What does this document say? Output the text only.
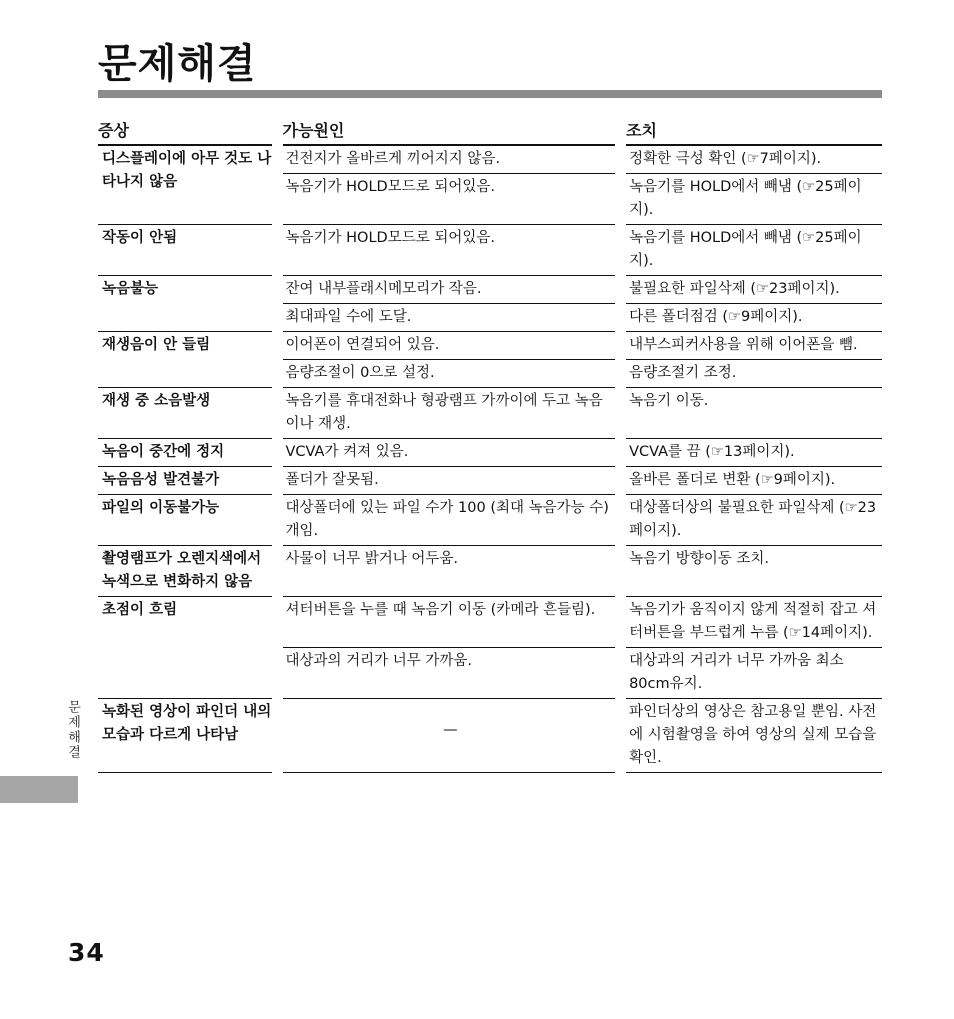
문제해결
증상		가능원인		조치
디스플레이에 아무 것도 나타나지 않음		건전지가 올바르게 끼어지지 않음.		정확한 극성 확인 (☞7페이지).
		녹음기가 HOLD모드로 되어있음.		녹음기를 HOLD에서 빼냄 (☞25페이지).
작동이 안됨		녹음기가 HOLD모드로 되어있음.		녹음기를 HOLD에서 빼냄 (☞25페이지).
녹음불능		잔여 내부플래시메모리가 작음.		불필요한 파일삭제 (☞23페이지).
		최대파일 수에 도달.		다른 폴더점검 (☞9페이지).
재생음이 안 들림		이어폰이 연결되어 있음.		내부스피커사용을 위해 이어폰을 뺌.
		음량조절이 0으로 설정.		음량조절기 조정.
재생 중 소음발생		녹음기를 휴대전화나 형광램프 가까이에 두고 녹음이나 재생.		녹음기 이동.
녹음이 중간에 정지		VCVA가 켜져 있음.		VCVA를 끔 (☞13페이지).
녹음음성 발견불가		폴더가 잘못됨.		올바른 폴더로 변환 (☞9페이지).
파일의 이동불가능		대상폴더에 있는 파일 수가 100 (최대 녹음가능 수) 개임.		대상폴더상의 불필요한 파일삭제 (☞23페이지).
촬영램프가 오렌지색에서 녹색으로 변화하지 않음		사물이 너무 밝거나 어두움.		녹음기 방향이동 조치.
초점이 흐림		셔터버튼을 누를 때 녹음기 이동 (카메라 흔들림).		녹음기가 움직이지 않게 적절히 잡고 셔터버튼을 부드럽게 누름 (☞14페이지).
		대상과의 거리가 너무 가까움.		대상과의 거리가 너무 가까움 최소 80cm유지.
녹화된 영상이 파인더 내의 모습과 다르게 나타남		—		파인더상의 영상은 참고용일 뿐임. 사전에 시험촬영을 하여 영상의 실제 모습을 확인.
문제해결
34
